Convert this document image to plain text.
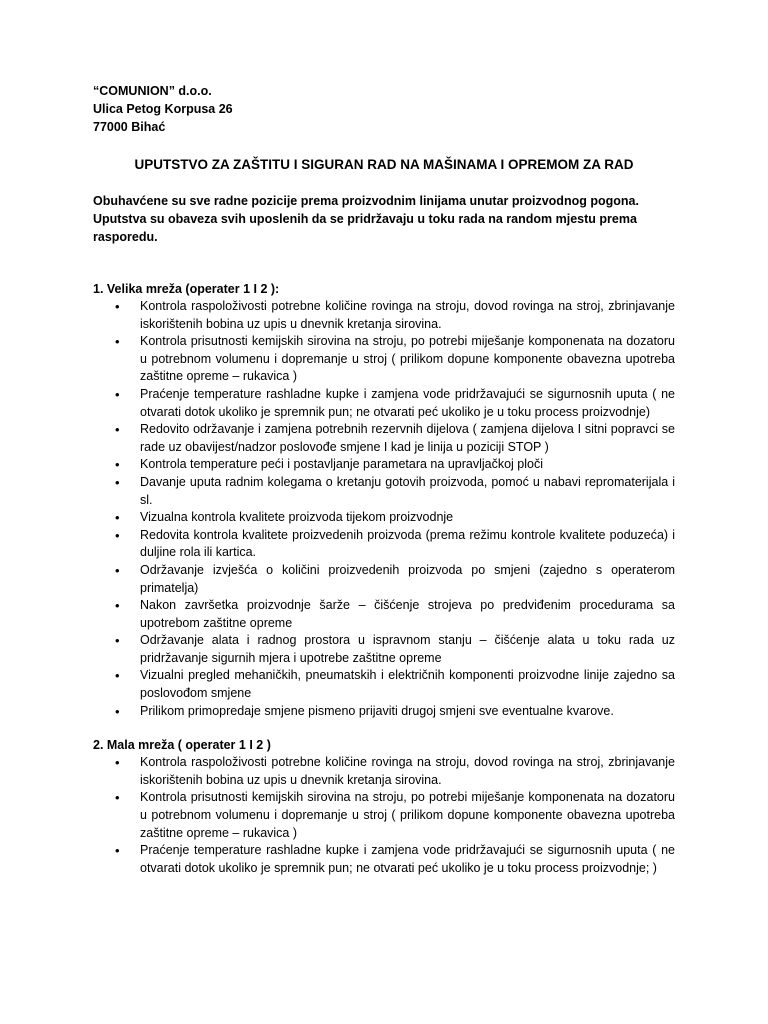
“COMUNION” d.o.o.
Ulica Petog Korpusa 26
77000 Bihać
UPUTSTVO ZA ZAŠTITU I SIGURAN RAD NA MAŠINAMA I OPREMOM ZA RAD
Obuhavćene su sve radne pozicije prema proizvodnim linijama unutar proizvodnog pogona. Uputstva su obaveza svih uposlenih da se pridržavaju u toku rada na random mjestu prema rasporedu.
1. Velika mreža (operater 1 I 2 ):
• Kontrola raspoloživosti potrebne količine rovinga na stroju, dovod rovinga na stroj, zbrinjavanje iskorištenih bobina uz upis u dnevnik kretanja sirovina.
• Kontrola prisutnosti kemijskih sirovina na stroju, po potrebi miješanje komponenata na dozatoru u potrebnom volumenu i dopremanje u stroj ( prilikom dopune komponente obavezna upotreba zaštitne opreme – rukavica )
• Praćenje temperature rashladne kupke i zamjena vode pridržavajući se sigurnosnih uputa ( ne otvarati dotok ukoliko je spremnik pun; ne otvarati peć ukoliko je u toku process proizvodnje)
• Redovito održavanje i zamjena potrebnih rezervnih dijelova ( zamjena dijelova I sitni popravci se rade uz obavijest/nadzor poslovođe smjene I kad je linija u poziciji STOP )
• Kontrola temperature peći i postavljanje parametara na upravljačkoj ploči
• Davanje uputa radnim kolegama o kretanju gotovih proizvoda, pomoć u nabavi repromaterijala i sl.
• Vizualna kontrola kvalitete proizvoda tijekom proizvodnje
• Redovita kontrola kvalitete proizvedenih proizvoda (prema režimu kontrole kvalitete poduzeća) i duljine rola ili kartica.
• Održavanje izvješća o količini proizvedenih proizvoda po smjeni (zajedno s operaterom primatelja)
• Nakon završetka proizvodnje šarže – čišćenje strojeva po predviđenim procedurama sa upotrebom zaštitne opreme
• Održavanje alata i radnog prostora u ispravnom stanju – čišćenje alata u toku rada uz pridržavanje sigurnih mjera i upotrebe zaštitne opreme
• Vizualni pregled mehaničkih, pneumatskih i električnih komponenti proizvodne linije zajedno sa poslovođom smjene
• Prilikom primopredaje smjene pismeno prijaviti drugoj smjeni sve eventualne kvarove.
2. Mala mreža ( operater 1 I 2 )
• Kontrola raspoloživosti potrebne količine rovinga na stroju, dovod rovinga na stroj, zbrinjavanje iskorištenih bobina uz upis u dnevnik kretanja sirovina.
• Kontrola prisutnosti kemijskih sirovina na stroju, po potrebi miješanje komponenata na dozatoru u potrebnom volumenu i dopremanje u stroj ( prilikom dopune komponente obavezna upotreba zaštitne opreme – rukavica )
• Praćenje temperature rashladne kupke i zamjena vode pridržavajući se sigurnosnih uputa ( ne otvarati dotok ukoliko je spremnik pun; ne otvarati peć ukoliko je u toku process proizvodnje; )
